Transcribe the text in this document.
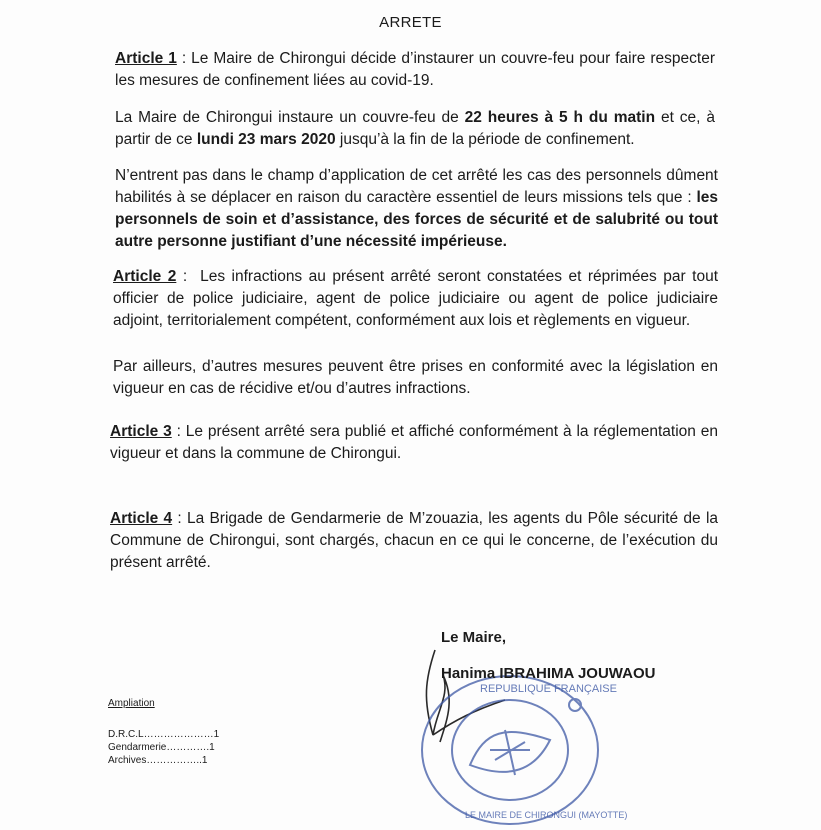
ARRETE

Article 1 : Le Maire de Chirongui décide d’instaurer un couvre-feu pour faire respecter les mesures de confinement liées au covid-19.

La Maire de Chirongui instaure un couvre-feu de 22 heures à 5 h du matin et ce, à partir de ce lundi 23 mars 2020 jusqu’à la fin de la période de confinement.

N’entrent pas dans le champ d’application de cet arrêté les cas des personnels dûment habilités à se déplacer en raison du caractère essentiel de leurs missions tels que : les personnels de soin et d’assistance, des forces de sécurité et de salubrité ou tout autre personne justifiant d’une nécessité impérieuse.

Article 2 :  Les infractions au présent arrêté seront constatées et réprimées par tout officier de police judiciaire, agent de police judiciaire ou agent de police judiciaire adjoint, territorialement compétent, conformément aux lois et règlements en vigueur.

Par ailleurs, d’autres mesures peuvent être prises en conformité avec la législation en vigueur en cas de récidive et/ou d’autres infractions.

Article 3 : Le présent arrêté sera publié et affiché conformément à la réglementation en vigueur et dans la commune de Chirongui.

Article 4 : La Brigade de Gendarmerie de M’zouazia, les agents du Pôle sécurité de la Commune de Chirongui, sont chargés, chacun en ce qui le concerne, de l’exécution du présent arrêté.

REPUBLIQUE FRANÇAISE
LE MAIRE DE CHIRONGUI (MAYOTTE)
Le Maire,
Hanima IBRAHIMA JOUWAOU
Ampliation
D.R.C.L ………………… 1
Gendarmerie …………. 1
Archives …………….. 1
